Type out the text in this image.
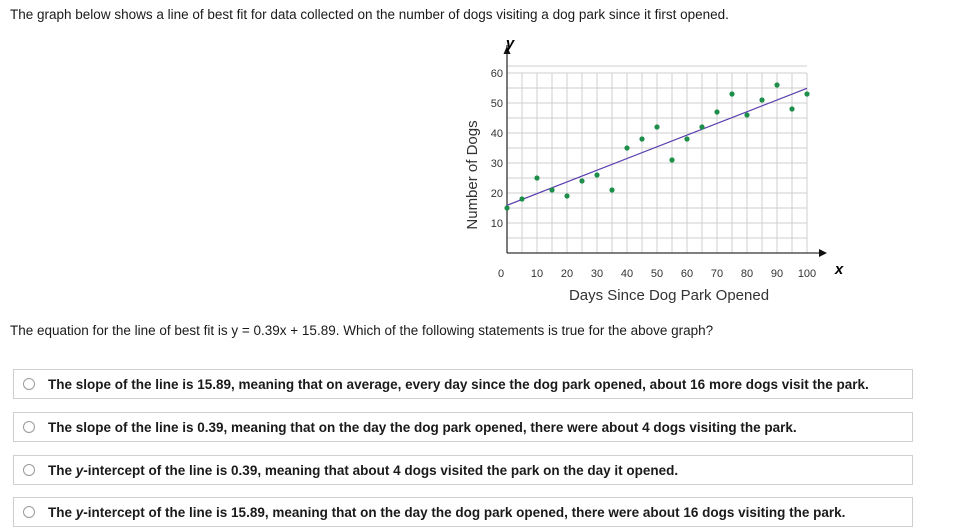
The graph below shows a line of best fit for data collected on the number of dogs visiting a dog park since it first opened.
y
x
10
20
30
40
50
60
10 20 30 40 50 60 70 80 90 100
0
Days Since Dog Park Opened
Number of Dogs
The equation for the line of best fit is y = 0.39x + 15.89. Which of the following statements is true for the above graph?
The slope of the line is 15.89, meaning that on average, every day since the dog park opened, about 16 more dogs visit the park.
The slope of the line is 0.39, meaning that on the day the dog park opened, there were about 4 dogs visiting the park.
The y-intercept of the line is 0.39, meaning that about 4 dogs visited the park on the day it opened.
The y-intercept of the line is 15.89, meaning that on the day the dog park opened, there were about 16 dogs visiting the park.
